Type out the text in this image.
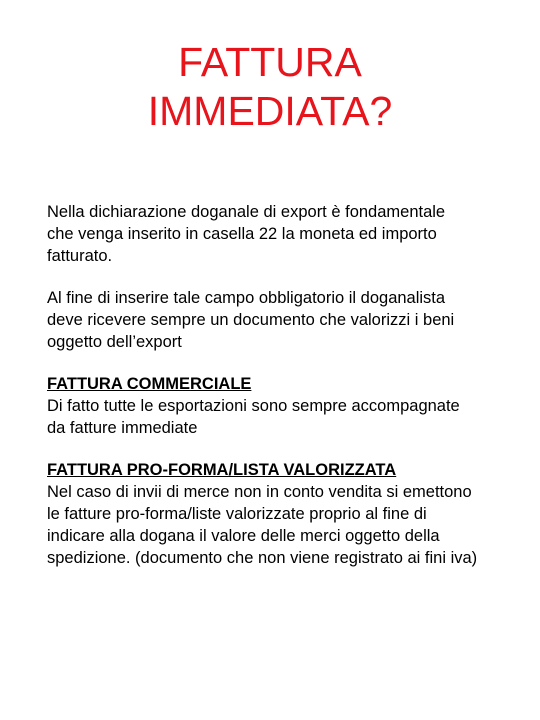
FATTURA
IMMEDIATA?

Nella dichiarazione doganale di export è fondamentale
che venga inserito in casella 22 la moneta ed importo
fatturato.

Al fine di inserire tale campo obbligatorio il doganalista
deve ricevere sempre un documento che valorizzi i beni
oggetto dell’export

FATTURA COMMERCIALE
Di fatto tutte le esportazioni sono sempre accompagnate
da fatture immediate

FATTURA PRO-FORMA/LISTA VALORIZZATA
Nel caso di invii di merce non in conto vendita si emettono
le fatture pro-forma/liste valorizzate proprio al fine di
indicare alla dogana il valore delle merci oggetto della
spedizione. (documento che non viene registrato ai fini iva)
